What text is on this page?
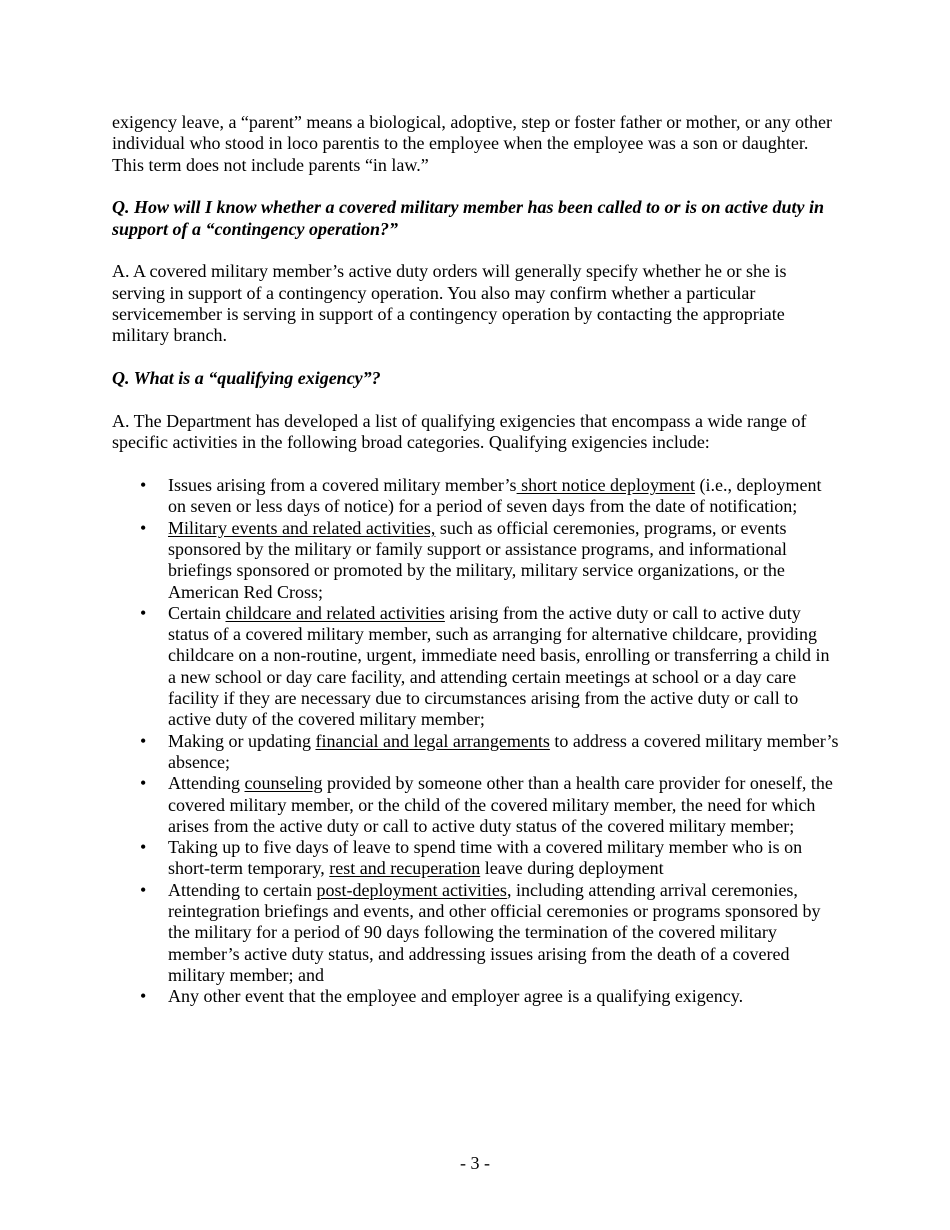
exigency leave, a “parent” means a biological, adoptive, step or foster father or mother, or any other individual who stood in loco parentis to the employee when the employee was a son or daughter. This term does not include parents “in law.”

Q. How will I know whether a covered military member has been called to or is on active duty in support of a “contingency operation?”

A. A covered military member’s active duty orders will generally specify whether he or she is serving in support of a contingency operation. You also may confirm whether a particular servicemember is serving in support of a contingency operation by contacting the appropriate military branch.

Q. What is a “qualifying exigency”?

A. The Department has developed a list of qualifying exigencies that encompass a wide range of specific activities in the following broad categories. Qualifying exigencies include:

• Issues arising from a covered military member’s short notice deployment (i.e., deployment on seven or less days of notice) for a period of seven days from the date of notification;
• Military events and related activities, such as official ceremonies, programs, or events sponsored by the military or family support or assistance programs, and informational briefings sponsored or promoted by the military, military service organizations, or the American Red Cross;
• Certain childcare and related activities arising from the active duty or call to active duty status of a covered military member, such as arranging for alternative childcare, providing childcare on a non-routine, urgent, immediate need basis, enrolling or transferring a child in a new school or day care facility, and attending certain meetings at school or a day care facility if they are necessary due to circumstances arising from the active duty or call to active duty of the covered military member;
• Making or updating financial and legal arrangements to address a covered military member’s absence;
• Attending counseling provided by someone other than a health care provider for oneself, the covered military member, or the child of the covered military member, the need for which arises from the active duty or call to active duty status of the covered military member;
• Taking up to five days of leave to spend time with a covered military member who is on short-term temporary, rest and recuperation leave during deployment
• Attending to certain post-deployment activities, including attending arrival ceremonies, reintegration briefings and events, and other official ceremonies or programs sponsored by the military for a period of 90 days following the termination of the covered military member’s active duty status, and addressing issues arising from the death of a covered military member; and
• Any other event that the employee and employer agree is a qualifying exigency.
- 3 -
